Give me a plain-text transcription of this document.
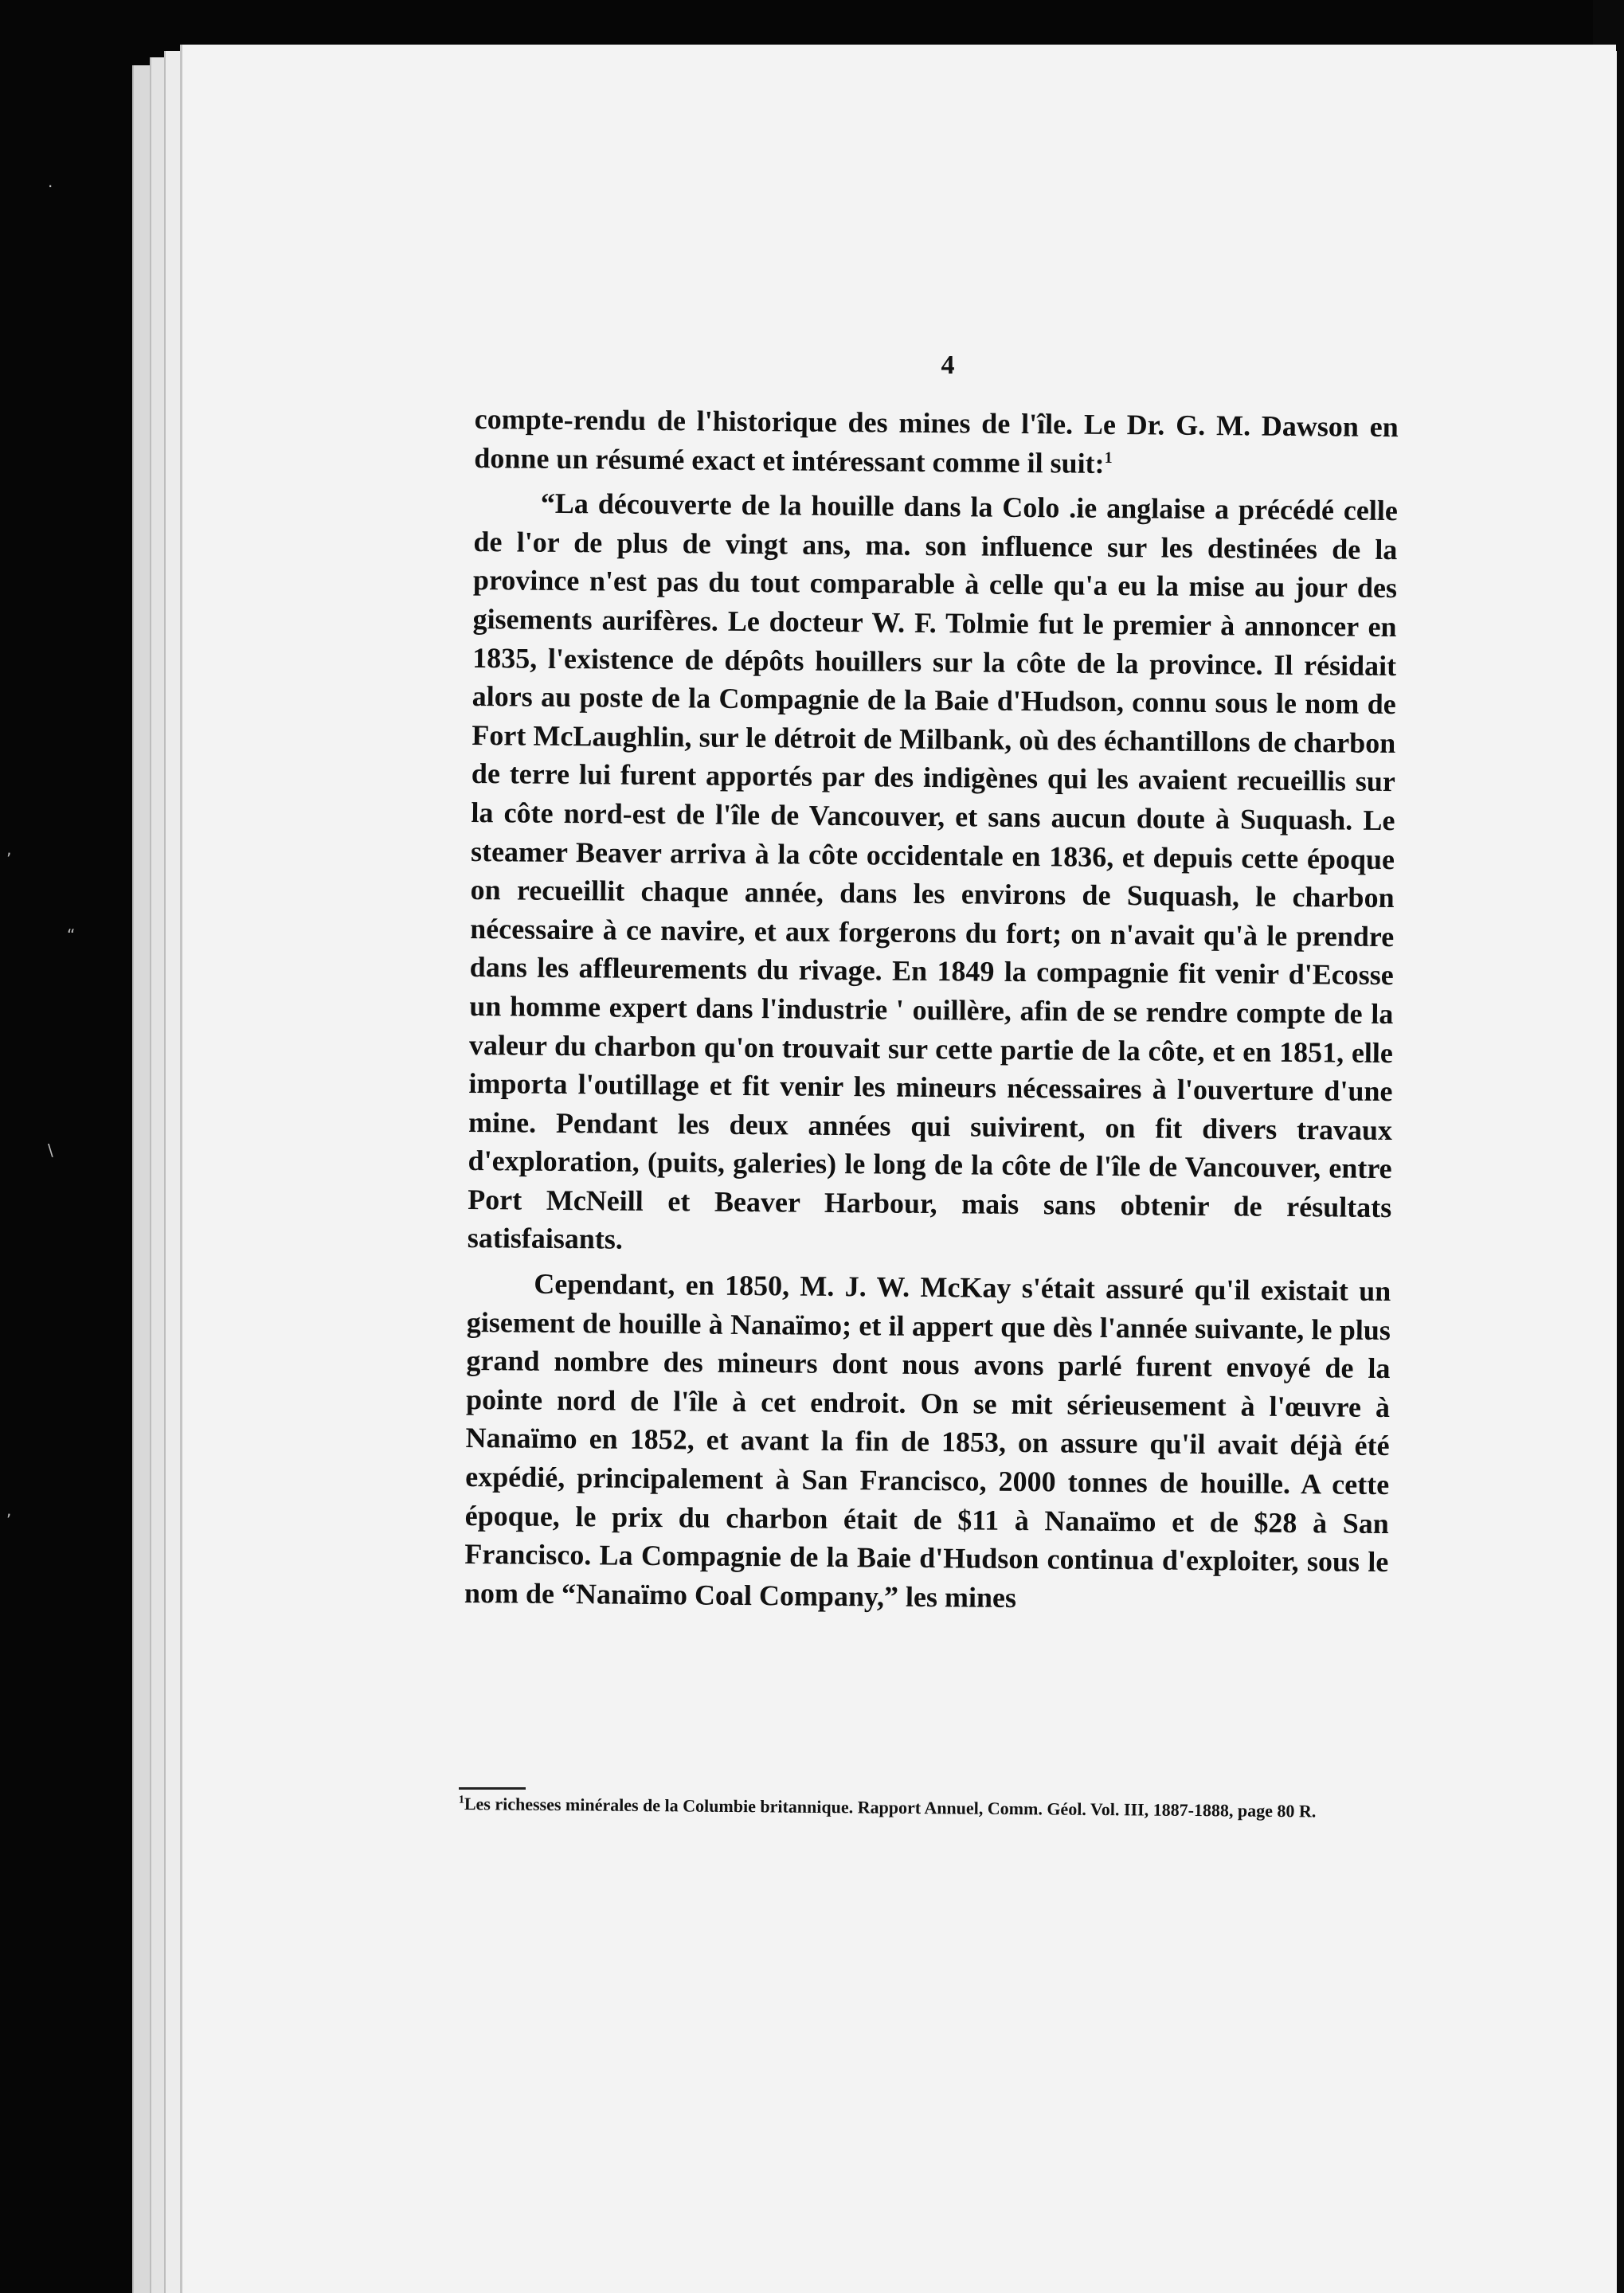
·
‚
“
\
,
4

compte-rendu de l'historique des mines de l'île. Le Dr. G. M. Dawson en donne un résumé exact et intéressant comme il suit:$^1$

“La découverte de la houille dans la Colo .ie anglaise a précédé celle de l'or de plus de vingt ans, ma. son influence sur les destinées de la province n'est pas du tout comparable à celle qu'a eu la mise au jour des gisements aurifères. Le docteur W. F. Tolmie fut le premier à annoncer en 1835, l'existence de dépôts houillers sur la côte de la province. Il résidait alors au poste de la Compagnie de la Baie d'Hudson, connu sous le nom de Fort McLaughlin, sur le détroit de Milbank, où des échantillons de charbon de terre lui furent apportés par des indigènes qui les avaient recueillis sur la côte nord-est de l'île de Vancouver, et sans aucun doute à Suquash. Le steamer Beaver arriva à la côte occidentale en 1836, et depuis cette époque on recueillit chaque année, dans les environs de Suquash, le charbon nécessaire à ce navire, et aux forgerons du fort; on n'avait qu'à le prendre dans les affleurements du rivage. En 1849 la compagnie fit venir d'Ecosse un homme expert dans l'industrie ' ouillère, afin de se rendre compte de la valeur du charbon qu'on trouvait sur cette partie de la côte, et en 1851, elle importa l'outillage et fit venir les mineurs nécessaires à l'ouverture d'une mine. Pendant les deux années qui suivirent, on fit divers travaux d'exploration, (puits, galeries) le long de la côte de l'île de Vancouver, entre Port McNeill et Beaver Harbour, mais sans obtenir de résultats satisfaisants.

Cependant, en 1850, M. J. W. McKay s'était assuré qu'il existait un gisement de houille à Nanaïmo; et il appert que dès l'année suivante, le plus grand nombre des mineurs dont nous avons parlé furent envoyé de la pointe nord de l'île à cet endroit. On se mit sérieusement à l'œuvre à Nanaïmo en 1852, et avant la fin de 1853, on assure qu'il avait déjà été expédié, principalement à San Francisco, 2000 tonnes de houille. A cette époque, le prix du charbon était de $11 à Nanaïmo et de $28 à San Francisco. La Compagnie de la Baie d'Hudson continua d'exploiter, sous le nom de “Nanaïmo Coal Company,” les mines

$^1$Les richesses minérales de la Columbie britannique. Rapport Annuel, Comm. Géol. Vol. III, 1887-1888, page 80 R.
